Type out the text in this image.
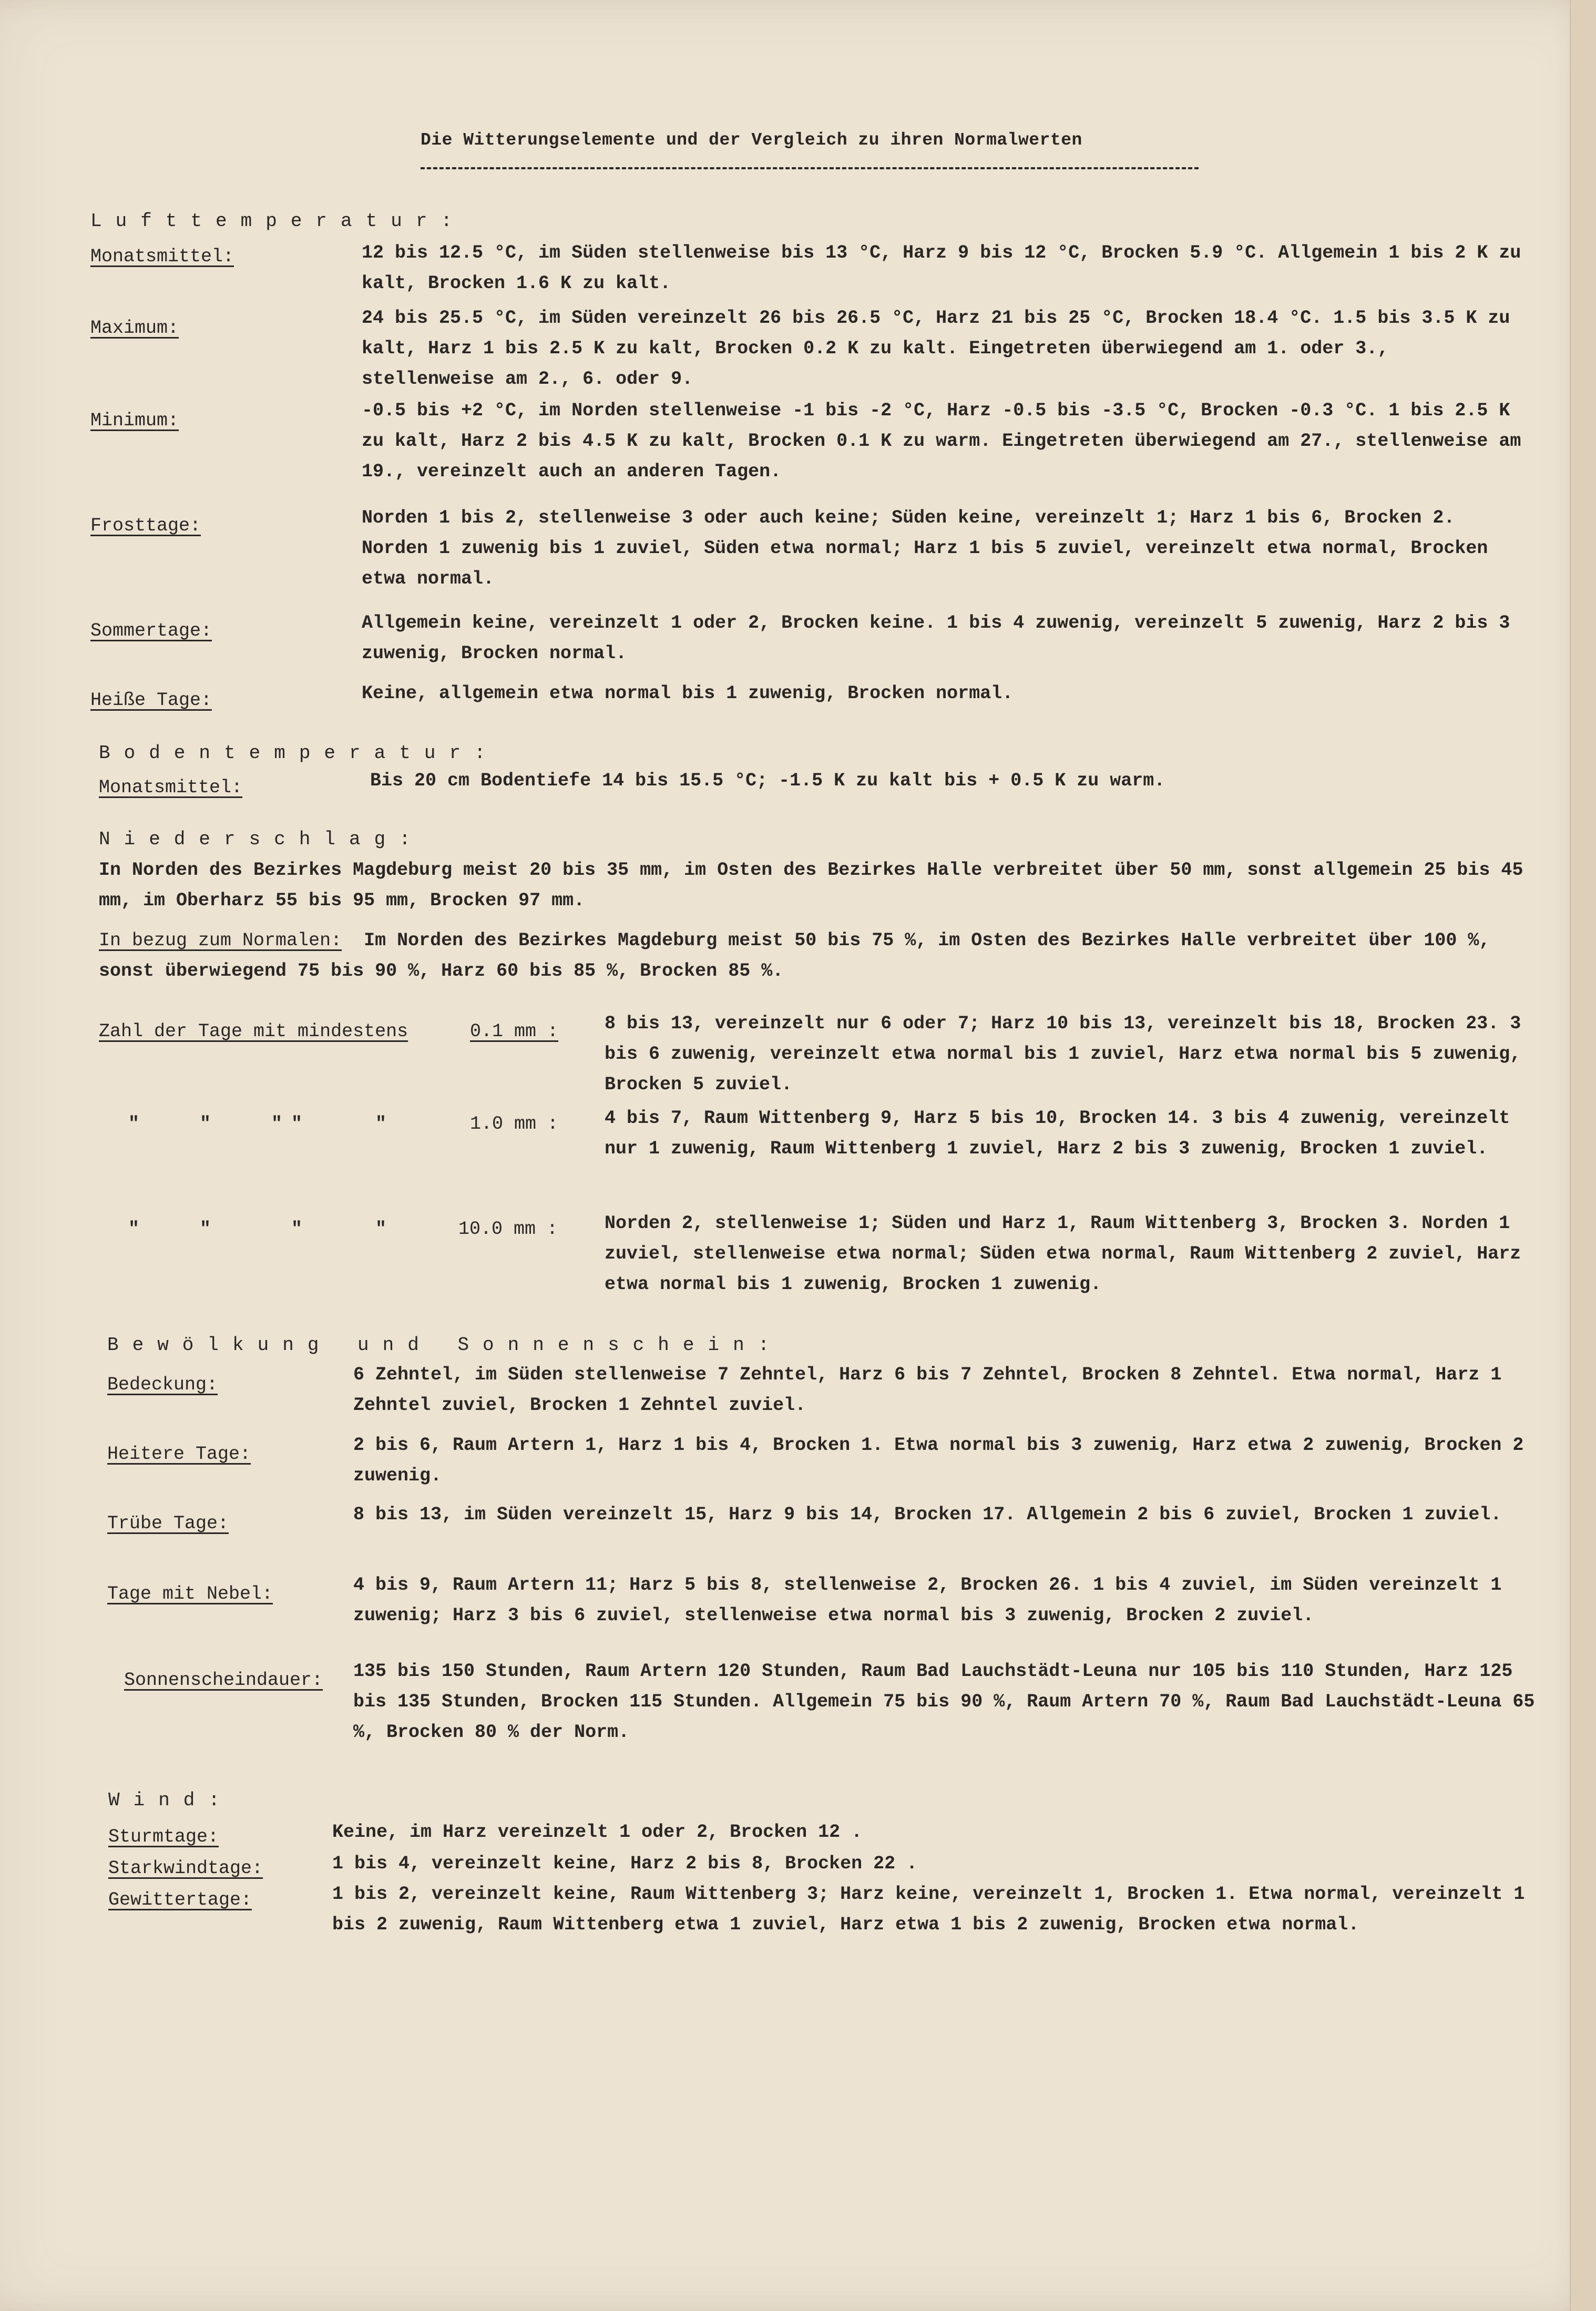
Die Witterungselemente und der Vergleich zu ihren Normalwerten
Lufttemperatur:
Monatsmittel:	12 bis 12.5 °C, im Süden stellenweise bis 13 °C, Harz 9 bis 12 °C, Brocken 5.9 °C. Allgemein 1 bis 2 K zu kalt, Brocken 1.6 K zu kalt.
Maximum:	24 bis 25.5 °C, im Süden vereinzelt 26 bis 26.5 °C, Harz 21 bis 25 °C, Brocken 18.4 °C. 1.5 bis 3.5 K zu kalt, Harz 1 bis 2.5 K zu kalt, Brocken 0.2 K zu kalt. Eingetreten überwiegend am 1. oder 3., stellenweise am 2., 6. oder 9.
Minimum:	-0.5 bis +2 °C, im Norden stellenweise -1 bis -2 °C, Harz -0.5 bis -3.5 °C, Brocken -0.3 °C. 1 bis 2.5 K zu kalt, Harz 2 bis 4.5 K zu kalt, Brocken 0.1 K zu warm. Eingetreten überwiegend am 27., stellenweise am 19., vereinzelt auch an anderen Tagen.
Frosttage:	Norden 1 bis 2, stellenweise 3 oder auch keine; Süden keine, vereinzelt 1; Harz 1 bis 6, Brocken 2. Norden 1 zuwenig bis 1 zuviel, Süden etwa normal; Harz 1 bis 5 zuviel, vereinzelt etwa normal, Brocken etwa normal.
Sommertage:	Allgemein keine, vereinzelt 1 oder 2, Brocken keine. 1 bis 4 zuwenig, vereinzelt 5 zuwenig, Harz 2 bis 3 zuwenig, Brocken normal.
Heiße Tage:	Keine, allgemein etwa normal bis 1 zuwenig, Brocken normal.
Bodentemperatur:
Monatsmittel:	Bis 20 cm Bodentiefe 14 bis 15.5 °C; -1.5 K zu kalt bis + 0.5 K zu warm.
Niederschlag:
In Norden des Bezirkes Magdeburg meist 20 bis 35 mm, im Osten des Bezirkes Halle verbreitet über 50 mm, sonst allgemein 25 bis 45 mm, im Oberharz 55 bis 95 mm, Brocken 97 mm.
In bezug zum Normalen: Im Norden des Bezirkes Magdeburg meist 50 bis 75 %, im Osten des Bezirkes Halle verbreitet über 100 %, sonst überwiegend 75 bis 90 %, Harz 60 bis 85 %, Brocken 85 %.
Zahl der Tage mit mindestens	0.1 mm :	8 bis 13, vereinzelt nur 6 oder 7; Harz 10 bis 13, vereinzelt bis 18, Brocken 23. 3 bis 6 zuwenig, vereinzelt etwa normal bis 1 zuviel, Harz etwa normal bis 5 zuwenig, Brocken 5 zuviel.
"	"	" "	"	1.0 mm :	4 bis 7, Raum Wittenberg 9, Harz 5 bis 10, Brocken 14. 3 bis 4 zuwenig, vereinzelt nur 1 zuwenig, Raum Wittenberg 1 zuviel, Harz 2 bis 3 zuwenig, Brocken 1 zuviel.
"	"	"	"	10.0 mm :	Norden 2, stellenweise 1; Süden und Harz 1, Raum Wittenberg 3, Brocken 3. Norden 1 zuviel, stellenweise etwa normal; Süden etwa normal, Raum Wittenberg 2 zuviel, Harz etwa normal bis 1 zuwenig, Brocken 1 zuwenig.
Bewölkung und Sonnenschein:
Bedeckung:	6 Zehntel, im Süden stellenweise 7 Zehntel, Harz 6 bis 7 Zehntel, Brocken 8 Zehntel. Etwa normal, Harz 1 Zehntel zuviel, Brocken 1 Zehntel zuviel.
Heitere Tage:	2 bis 6, Raum Artern 1, Harz 1 bis 4, Brocken 1. Etwa normal bis 3 zuwenig, Harz etwa 2 zuwenig, Brocken 2 zuwenig.
Trübe Tage:	8 bis 13, im Süden vereinzelt 15, Harz 9 bis 14, Brocken 17. Allgemein 2 bis 6 zuviel, Brocken 1 zuviel.
Tage mit Nebel:	4 bis 9, Raum Artern 11; Harz 5 bis 8, stellenweise 2, Brocken 26. 1 bis 4 zuviel, im Süden vereinzelt 1 zuwenig; Harz 3 bis 6 zuviel, stellenweise etwa normal bis 3 zuwenig, Brocken 2 zuviel.
Sonnenscheindauer: 135 bis 150 Stunden, Raum Artern 120 Stunden, Raum Bad Lauchstädt-Leuna nur 105 bis 110 Stunden, Harz 125 bis 135 Stunden, Brocken 115 Stunden. Allgemein 75 bis 90 %, Raum Artern 70 %, Raum Bad Lauchstädt-Leuna 65 %, Brocken 80 % der Norm.
Wind:
Sturmtage:	Keine, im Harz vereinzelt 1 oder 2, Brocken 12 .
Starkwindtage:	1 bis 4, vereinzelt keine, Harz 2 bis 8, Brocken 22 .
Gewittertage:	1 bis 2, vereinzelt keine, Raum Wittenberg 3; Harz keine, vereinzelt 1, Brocken 1. Etwa normal, vereinzelt 1 bis 2 zuwenig, Raum Wittenberg etwa 1 zuviel, Harz etwa 1 bis 2 zuwenig, Brocken etwa normal.
